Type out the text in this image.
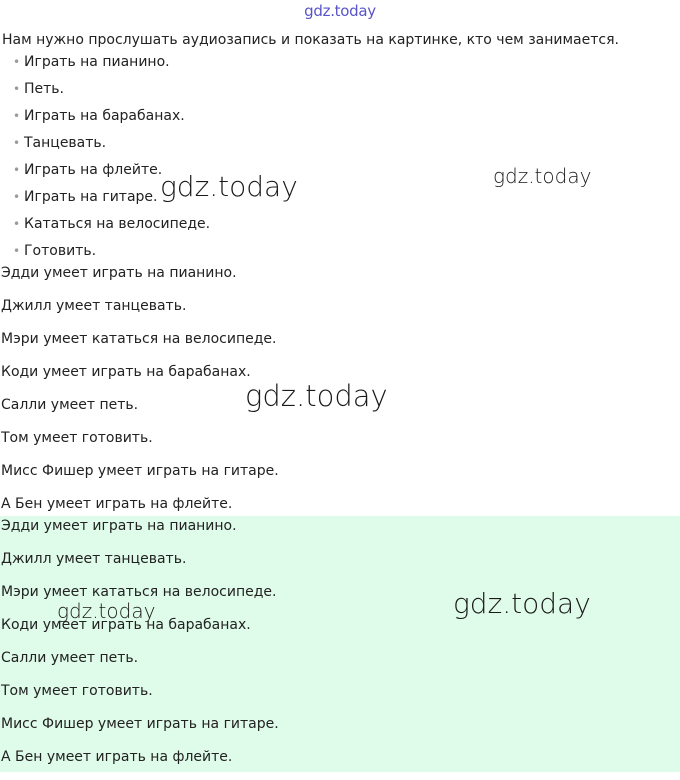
gdz.today
Нам нужно прослушать аудиозапись и показать на картинке, кто чем занимается.
• Играть на пианино.
• Петь.
• Играть на барабанах.
• Танцевать.
• Играть на флейте.
• Играть на гитаре.
• Кататься на велосипеде.
• Готовить.
Эдди умеет играть на пианино.
Джилл умеет танцевать.
Мэри умеет кататься на велосипеде.
Коди умеет играть на барабанах.
Салли умеет петь.
Том умеет готовить.
Мисс Фишер умеет играть на гитаре.
А Бен умеет играть на флейте.
Эдди умеет играть на пианино.
Джилл умеет танцевать.
Мэри умеет кататься на велосипеде.
Коди умеет играть на барабанах.
Салли умеет петь.
Том умеет готовить.
Мисс Фишер умеет играть на гитаре.
А Бен умеет играть на флейте.
gdz.today	gdz.today
gdz.today
gdz.today	gdz.today
